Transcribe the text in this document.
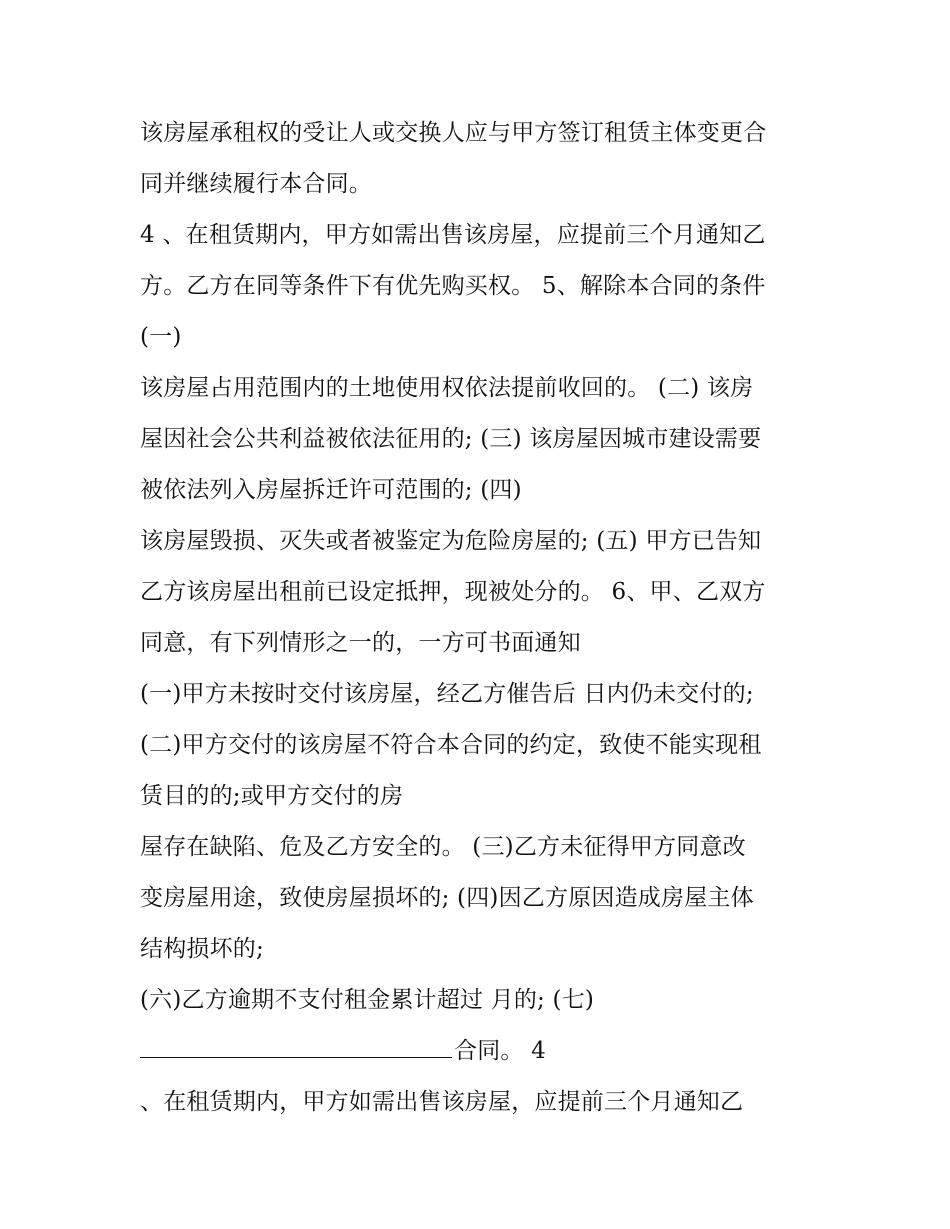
该房屋承租权的受让人或交换人应与甲方签订租赁主体变更合
同并继续履行本合同。
4 、在租赁期内，甲方如需出售该房屋，应提前三个月通知乙
方。乙方在同等条件下有优先购买权。 5、解除本合同的条件
(一)
该房屋占用范围内的土地使用权依法提前收回的。 (二) 该房
屋因社会公共利益被依法征用的; (三) 该房屋因城市建设需要
被依法列入房屋拆迁许可范围的; (四)
该房屋毁损、灭失或者被鉴定为危险房屋的; (五) 甲方已告知
乙方该房屋出租前已设定抵押，现被处分的。 6、甲、乙双方
同意，有下列情形之一的，一方可书面通知
(一)甲方未按时交付该房屋，经乙方催告后 日内仍未交付的;
(二)甲方交付的该房屋不符合本合同的约定，致使不能实现租
赁目的的;或甲方交付的房
屋存在缺陷、危及乙方安全的。 (三)乙方未征得甲方同意改
变房屋用途，致使房屋损坏的; (四)因乙方原因造成房屋主体
结构损坏的;
(六)乙方逾期不支付租金累计超过 月的; (七)
合同。 4
、在租赁期内，甲方如需出售该房屋，应提前三个月通知乙
